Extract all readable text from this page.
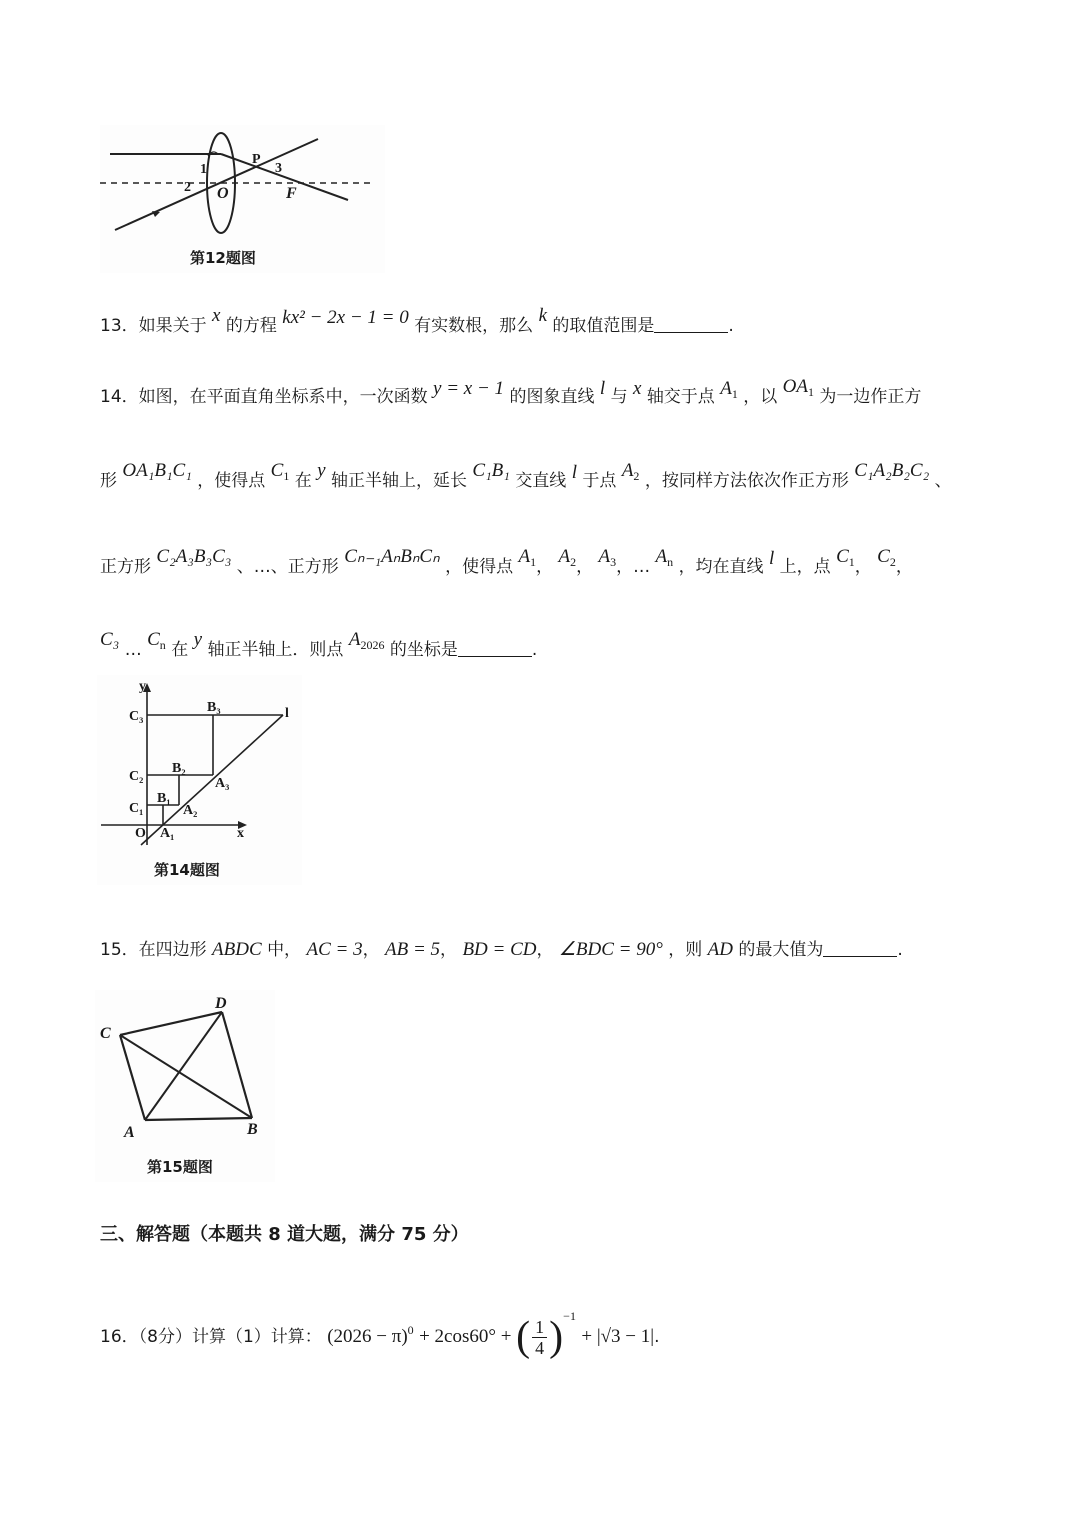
1
2
P
3
O	F
第12题图
13．如果关于 x 的方程 kx² − 2x − 1 = 0 有实数根，那么 k 的取值范围是	.
14．如图，在平面直角坐标系中，一次函数 y = x − 1 的图象直线 l 与 x 轴交于点 $A_1$ ，以 $OA_1$ 为一边作正方
形 OA₁B₁C₁ ，使得点 $C_1$ 在 y 轴正半轴上，延长 C₁B₁ 交直线 l 于点 $A_2$ ，按同样方法依次作正方形 C₁A₂B₂C₂ 、
正方形 C₂A₃B₃C₃ 、…、正方形 Cₙ₋₁AₙBₙCₙ ，使得点 $A_1$， $A_2$， $A_3$，… $A_n$ ，均在直线 l 上，点 $C_1$， $C_2$，
C₃ … $C_n$ 在 y 轴正半轴上．则点 $A_{2026}$ 的坐标是	.
y
x
O
l
C₃
C₂
C₁
B₃
B₂
B₁
A₃
A₂
A₁
第14题图
15．在四边形 ABDC 中， AC = 3， AB = 5， BD = CD， ∠BDC = 90° ，则 AD 的最大值为	.
C
D
A	B
第15题图
三、解答题（本题共 8 道大题，满分 75 分）
16．（8分）计算（1）计算： $(2026 - \pi)^0 + 2\cos 60^\circ$ + ( $\frac{1}{4} )^{-1} + |√3 - 1|$.
